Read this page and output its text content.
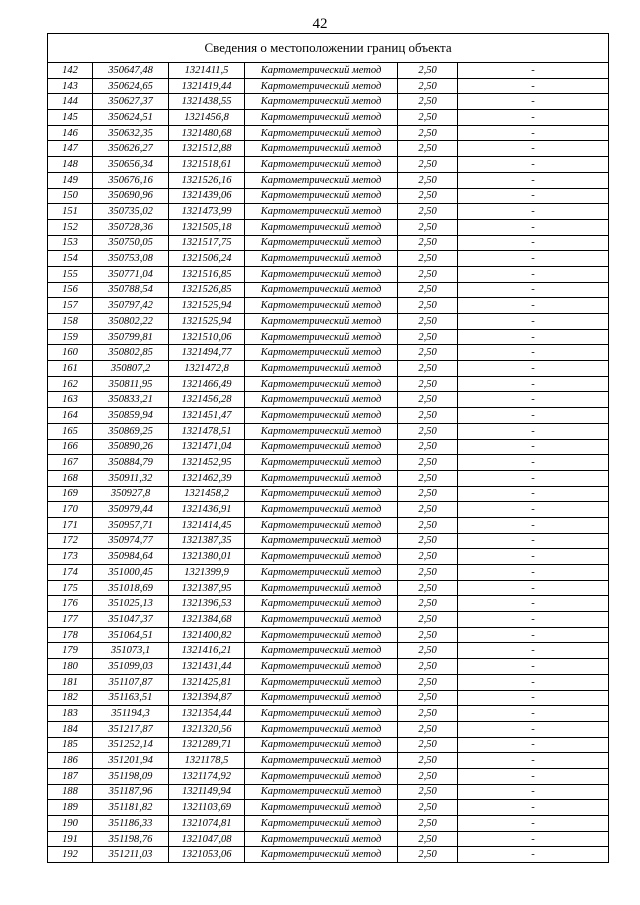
42
Сведения о местоположении границ объекта					
142	350647,48	1321411,5	Картометрический метод	2,50	-
143	350624,65	1321419,44	Картометрический метод	2,50	-
144	350627,37	1321438,55	Картометрический метод	2,50	-
145	350624,51	1321456,8	Картометрический метод	2,50	-
146	350632,35	1321480,68	Картометрический метод	2,50	-
147	350626,27	1321512,88	Картометрический метод	2,50	-
148	350656,34	1321518,61	Картометрический метод	2,50	-
149	350676,16	1321526,16	Картометрический метод	2,50	-
150	350690,96	1321439,06	Картометрический метод	2,50	-
151	350735,02	1321473,99	Картометрический метод	2,50	-
152	350728,36	1321505,18	Картометрический метод	2,50	-
153	350750,05	1321517,75	Картометрический метод	2,50	-
154	350753,08	1321506,24	Картометрический метод	2,50	-
155	350771,04	1321516,85	Картометрический метод	2,50	-
156	350788,54	1321526,85	Картометрический метод	2,50	-
157	350797,42	1321525,94	Картометрический метод	2,50	-
158	350802,22	1321525,94	Картометрический метод	2,50	-
159	350799,81	1321510,06	Картометрический метод	2,50	-
160	350802,85	1321494,77	Картометрический метод	2,50	-
161	350807,2	1321472,8	Картометрический метод	2,50	-
162	350811,95	1321466,49	Картометрический метод	2,50	-
163	350833,21	1321456,28	Картометрический метод	2,50	-
164	350859,94	1321451,47	Картометрический метод	2,50	-
165	350869,25	1321478,51	Картометрический метод	2,50	-
166	350890,26	1321471,04	Картометрический метод	2,50	-
167	350884,79	1321452,95	Картометрический метод	2,50	-
168	350911,32	1321462,39	Картометрический метод	2,50	-
169	350927,8	1321458,2	Картометрический метод	2,50	-
170	350979,44	1321436,91	Картометрический метод	2,50	-
171	350957,71	1321414,45	Картометрический метод	2,50	-
172	350974,77	1321387,35	Картометрический метод	2,50	-
173	350984,64	1321380,01	Картометрический метод	2,50	-
174	351000,45	1321399,9	Картометрический метод	2,50	-
175	351018,69	1321387,95	Картометрический метод	2,50	-
176	351025,13	1321396,53	Картометрический метод	2,50	-
177	351047,37	1321384,68	Картометрический метод	2,50	-
178	351064,51	1321400,82	Картометрический метод	2,50	-
179	351073,1	1321416,21	Картометрический метод	2,50	-
180	351099,03	1321431,44	Картометрический метод	2,50	-
181	351107,87	1321425,81	Картометрический метод	2,50	-
182	351163,51	1321394,87	Картометрический метод	2,50	-
183	351194,3	1321354,44	Картометрический метод	2,50	-
184	351217,87	1321320,56	Картометрический метод	2,50	-
185	351252,14	1321289,71	Картометрический метод	2,50	-
186	351201,94	1321178,5	Картометрический метод	2,50	-
187	351198,09	1321174,92	Картометрический метод	2,50	-
188	351187,96	1321149,94	Картометрический метод	2,50	-
189	351181,82	1321103,69	Картометрический метод	2,50	-
190	351186,33	1321074,81	Картометрический метод	2,50	-
191	351198,76	1321047,08	Картометрический метод	2,50	-
192	351211,03	1321053,06	Картометрический метод	2,50	-
